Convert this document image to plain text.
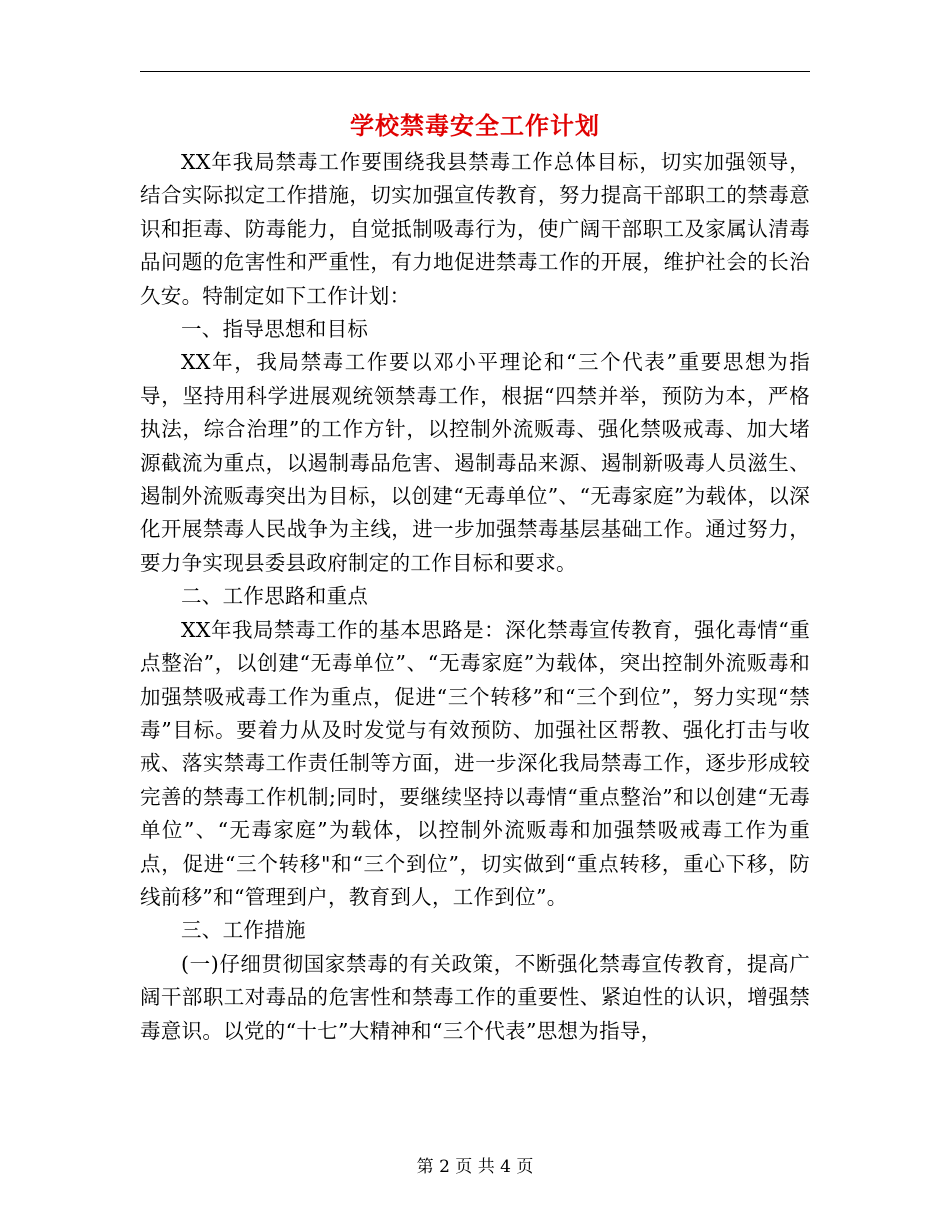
学校禁毒安全工作计划

XX年我局禁毒工作要围绕我县禁毒工作总体目标，切实加强领导，结合实际拟定工作措施，切实加强宣传教育，努力提高干部职工的禁毒意识和拒毒、防毒能力，自觉抵制吸毒行为，使广阔干部职工及家属认清毒品问题的危害性和严重性，有力地促进禁毒工作的开展，维护社会的长治久安。特制定如下工作计划：

一、指导思想和目标

XX年，我局禁毒工作要以邓小平理论和“三个代表”重要思想为指导，坚持用科学进展观统领禁毒工作，根据“四禁并举，预防为本，严格执法，综合治理”的工作方针，以控制外流贩毒、强化禁吸戒毒、加大堵源截流为重点，以遏制毒品危害、遏制毒品来源、遏制新吸毒人员滋生、遏制外流贩毒突出为目标，以创建“无毒单位”、“无毒家庭”为载体，以深化开展禁毒人民战争为主线，进一步加强禁毒基层基础工作。通过努力，要力争实现县委县政府制定的工作目标和要求。

二、工作思路和重点

XX年我局禁毒工作的基本思路是：深化禁毒宣传教育，强化毒情“重点整治”，以创建“无毒单位”、“无毒家庭”为载体，突出控制外流贩毒和加强禁吸戒毒工作为重点，促进“三个转移”和“三个到位”，努力实现“禁毒”目标。要着力从及时发觉与有效预防、加强社区帮教、强化打击与收戒、落实禁毒工作责任制等方面，进一步深化我局禁毒工作，逐步形成较完善的禁毒工作机制;同时，要继续坚持以毒情“重点整治”和以创建“无毒单位”、“无毒家庭”为载体，以控制外流贩毒和加强禁吸戒毒工作为重点，促进“三个转移"和“三个到位”，切实做到“重点转移，重心下移，防线前移”和“管理到户，教育到人，工作到位”。

三、工作措施

(一)仔细贯彻国家禁毒的有关政策，不断强化禁毒宣传教育，提高广阔干部职工对毒品的危害性和禁毒工作的重要性、紧迫性的认识，增强禁毒意识。以党的“十七”大精神和“三个代表”思想为指导，

第 2 页 共 4 页
